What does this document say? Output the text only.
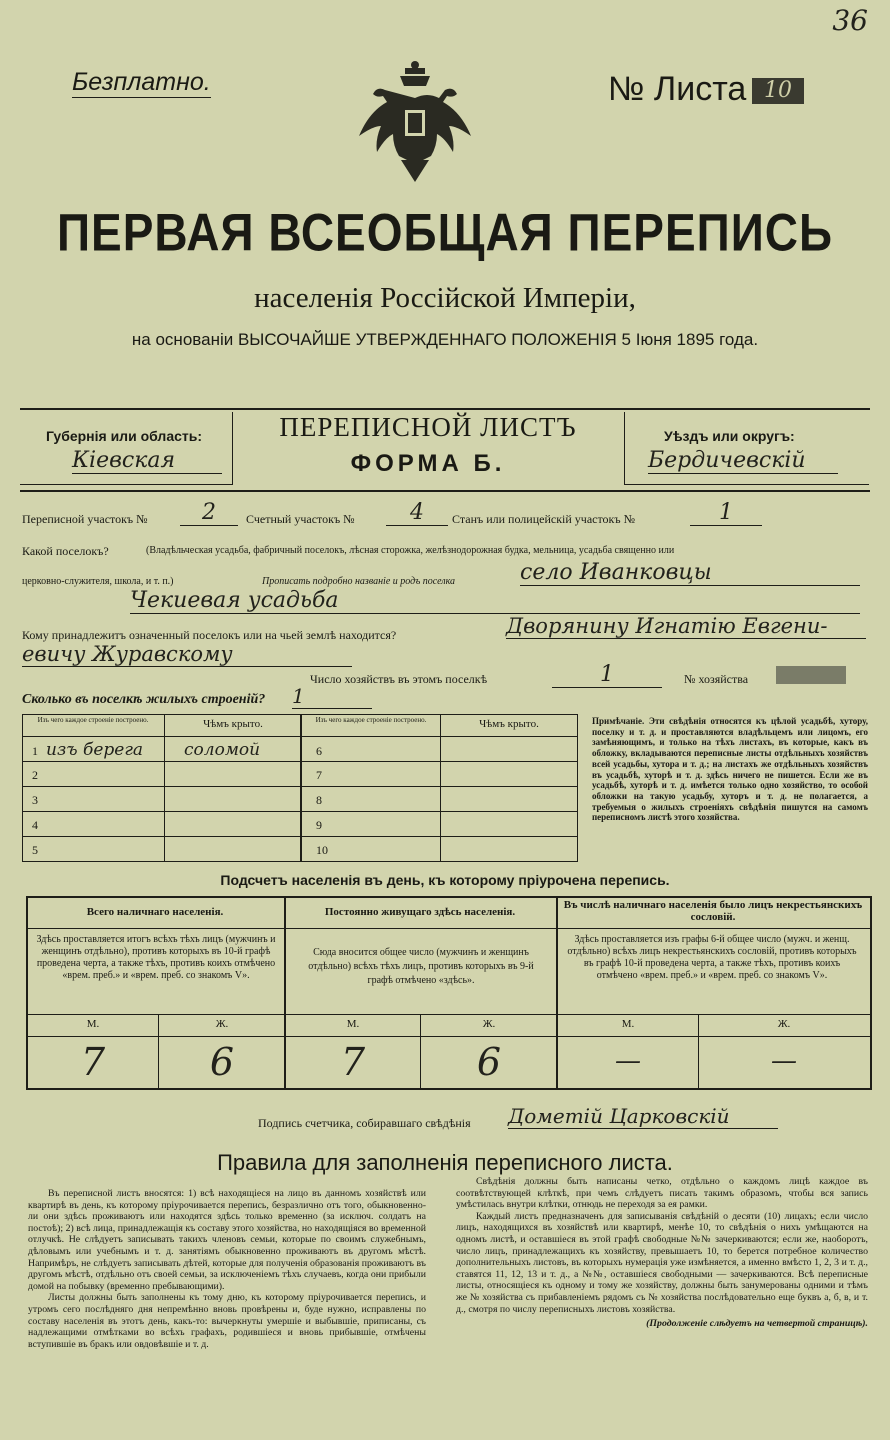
36
Безплатно.	№ Листа 10
ПЕРВАЯ ВСЕОБЩАЯ ПЕРЕПИСЬ
населенія Россійской Имперіи,
на основаніи ВЫСОЧАЙШЕ УТВЕРЖДЕННАГО ПОЛОЖЕНІЯ 5 Іюня 1895 года.
Губернія или область:
Кіевская
ПЕРЕПИСНОЙ ЛИСТЪ
ФОРМА Б.
Уѣздъ или округъ:
Бердичевскій
Переписной участокъ №	2	Счетный участокъ №	4	Станъ или полицейскій участокъ №	1
Какой поселокъ?	(Владѣльческая усадьба, фабричный поселокъ, лѣсная сторожка, желѣзнодорожная будка, мельница, усадьба священно или
церковно-служителя, школа, и т. п.)	Прописать подробно названіе и родъ поселка	село Иванковцы
Чекиевая усадьба
Кому принадлежитъ означенный поселокъ или на чьей землѣ находится?	Дворянину Игнатію Евгени-
евичу Журавскому
Число хозяйствъ въ этомъ поселкѣ	1	№ хозяйства
Сколько въ поселкѣ жилыхъ строеній? 1
Изъ чего каждое строеніе построено.	Чѣмъ крыто.	Изъ чего каждое строеніе построено.	Чѣмъ крыто.
1 изъ берега соломой
2
3
4
5
6
7
8
9
10
Примѣчаніе. Эти свѣдѣнія относятся къ цѣлой усадьбѣ, хутору, поселку и т. д. и проставляются владѣльцемъ или лицомъ, его замѣняющимъ, и только на тѣхъ листахъ, въ которые, какъ въ обложку, вкладываются переписные листы отдѣльныхъ хозяйствъ всей усадьбы, хутора и т. д.; на листахъ же отдѣльныхъ хозяйствъ въ усадьбѣ, хуторѣ и т. д. здѣсь ничего не пишется. Если же въ усадьбѣ, хуторѣ и т. д. имѣется только одно хозяйство, то особой обложки на такую усадьбу, хуторъ и т. д. не полагается, а требуемыя о жилыхъ строеніяхъ свѣдѣнія пишутся на самомъ переписномъ листѣ этого хозяйства.
Подсчетъ населенія въ день, къ которому пріурочена перепись.
Всего наличнаго населенія.	Постоянно живущаго здѣсь населенія.
Въ числѣ наличнаго населенія было лицъ некрестьянскихъ сословій.
Здѣсь проставляется итогъ всѣхъ тѣхъ лицъ (мужчинъ и женщинъ отдѣльно), противъ которыхъ въ 10-й графѣ проведена черта, а также тѣхъ, противъ коихъ отмѣчено «врем. преб.» и «врем. преб. со знакомъ V».
Сюда вносится общее число (мужчинъ и женщинъ отдѣльно) всѣхъ тѣхъ лицъ, противъ которыхъ въ 9-й графѣ отмѣчено «здѣсь».
Здѣсь проставляется изъ графы 6-й общее число (мужч. и женщ. отдѣльно) всѣхъ лицъ некрестьянскихъ сословій, противъ которыхъ въ графѣ 10-й проведена черта, а также тѣхъ, противъ коихъ отмѣчено «врем. преб.» и «врем. преб. со знакомъ V».
М.	Ж.	М.	Ж.	М.	Ж.
7	6	7	6	—	—
Подпись счетчика, собиравшаго свѣдѣнія Дометій Царковскій
Правила для заполненія переписного листа.
Въ переписной листъ вносятся: 1) всѣ находящіеся на лицо въ данномъ хозяйствѣ или квартирѣ въ день, къ которому пріурочивается перепись, безразлично отъ того, обыкновенно-ли они здѣсь проживаютъ или находятся здѣсь только временно (за исключ. солдатъ на постоѣ); 2) всѣ лица, принадлежащія къ составу этого хозяйства, но находящіяся во временной отлучкѣ. Не слѣдуетъ записывать такихъ членовъ семьи, которые по своимъ служебнымъ, дѣловымъ или учебнымъ и т. д. занятіямъ обыкновенно проживаютъ въ другомъ мѣстѣ. Напримѣръ, не слѣдуетъ записывать дѣтей, которые для полученія образованія проживаютъ въ другомъ мѣстѣ, отдѣльно отъ своей семьи, за исключеніемъ тѣхъ случаевъ, когда они прибыли домой на побывку (временно пребывающими).
Листы должны быть заполнены къ тому дню, къ которому пріурочивается перепись, и утромъ сего послѣдняго дня непремѣнно вновь провѣрены и, буде нужно, исправлены по составу населенія въ этотъ день, какъ-то: вычеркнуты умершіе и выбывшіе, приписаны, съ надлежащими отмѣтками во всѣхъ графахъ, родившіеся и вновь прибывшіе, отмѣчены вступившіе въ бракъ или овдовѣвшіе и т. д.
Свѣдѣнія должны быть написаны четко, отдѣльно о каждомъ лицѣ каждое въ соотвѣтствующей клѣткѣ, при чемъ слѣдуетъ писать такимъ образомъ, чтобы вся запись умѣстилась внутри клѣтки, отнюдь не переходя за ея рамки.
Каждый листъ предназначенъ для записыванія свѣдѣній о десяти (10) лицахъ; если число лицъ, находящихся въ хозяйствѣ или квартирѣ, менѣе 10, то свѣдѣнія о нихъ умѣщаются на одномъ листѣ, и оставшіеся въ этой графѣ свободные №№ зачеркиваются; если же, наоборотъ, число лицъ, принадлежащихъ къ хозяйству, превышаетъ 10, то берется потребное количество дополнительныхъ листовъ, въ которыхъ нумерація уже измѣняется, а именно вмѣсто 1, 2, 3 и т. д., ставятся 11, 12, 13 и т. д., а №№, оставшіеся свободными — зачеркиваются. Всѣ переписные листы, относящіеся къ одному и тому же хозяйству, должны быть занумерованы одними и тѣмъ же № хозяйства съ прибавленіемъ рядомъ съ № хозяйства послѣдовательно еще буквъ а, б, в, и т. д., смотря по числу переписныхъ листовъ хозяйства.
(Продолженіе слѣдуетъ на четвертой страницѣ).
